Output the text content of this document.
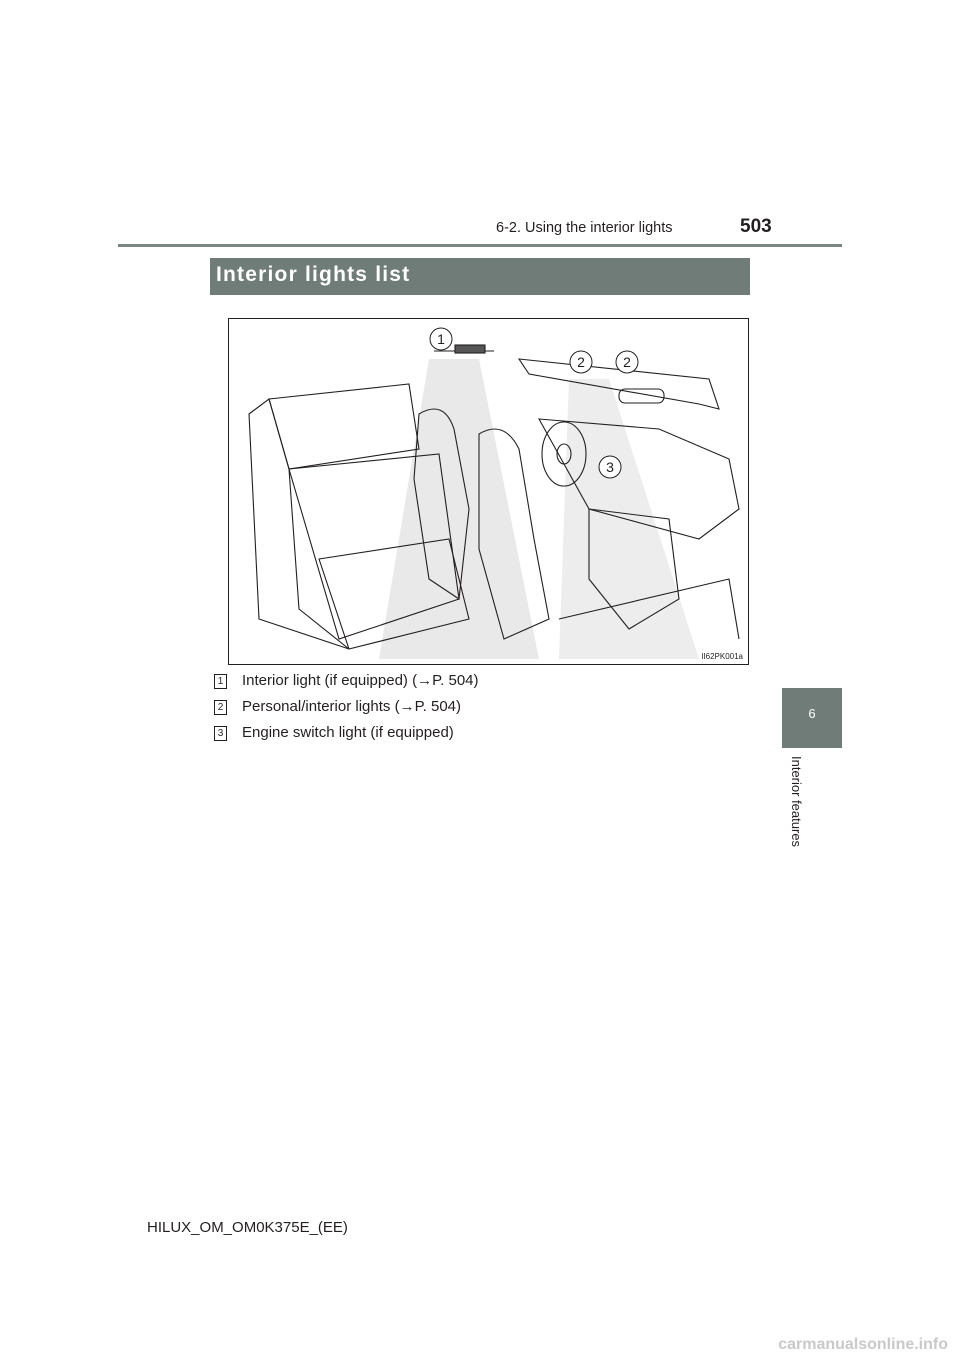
6-2. Using the interior lights	503
Interior lights list
1
2	2
3
II62PK001a
1 Interior light (if equipped) (→P. 504)
2 Personal/interior lights (→P. 504)
3 Engine switch light (if equipped)
6
Interior features
HILUX_OM_OM0K375E_(EE)
carmanualsonline.info
